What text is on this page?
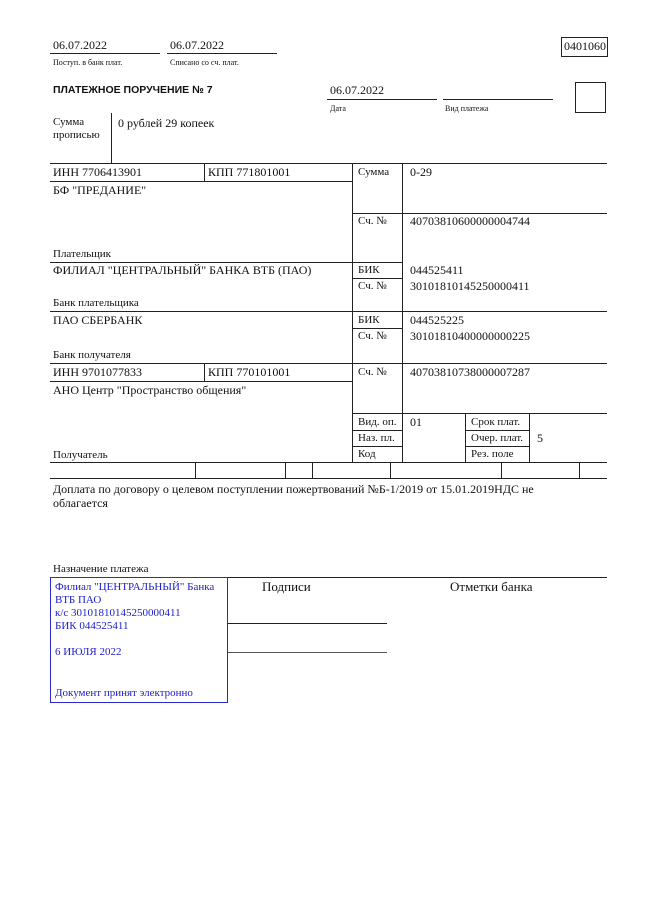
06.07.2022
Поступ. в банк плат.
06.07.2022
Списано со сч. плат.
0401060
ПЛАТЕЖНОЕ ПОРУЧЕНИЕ № 7	06.07.2022
Дата	Вид платежа
Сумма
прописью
0 рублей 29 копеек
ИНН 7706413901	КПП 771801001
БФ "ПРЕДАНИЕ"
Плательщик
Сумма 0-29
Сч. № 40703810600000004744
ФИЛИАЛ "ЦЕНТРАЛЬНЫЙ" БАНКА ВТБ (ПАО)
Банк плательщика
БИК	044525411
Сч. № 30101810145250000411
ПАО СБЕРБАНК
Банк получателя
БИК	044525225
Сч. № 30101810400000000225
ИНН 9701077833	КПП 770101001
АНО Центр "Пространство общения"
Получатель
Сч. № 40703810738000007287
Вид. оп. 01
Наз. пл.
Код
Срок плат.
Очер. плат. 5
Рез. поле
Доплата по договору о целевом поступлении пожертвований №Б-1/2019 от 15.01.2019НДС не
облагается
Назначение платежа
Подписи	Отметки банка
Филиал "ЦЕНТРАЛЬНЫЙ" Банка
ВТБ ПАО
к/с 30101810145250000411
БИК 044525411
6 ИЮЛЯ 2022
Документ принят электронно
